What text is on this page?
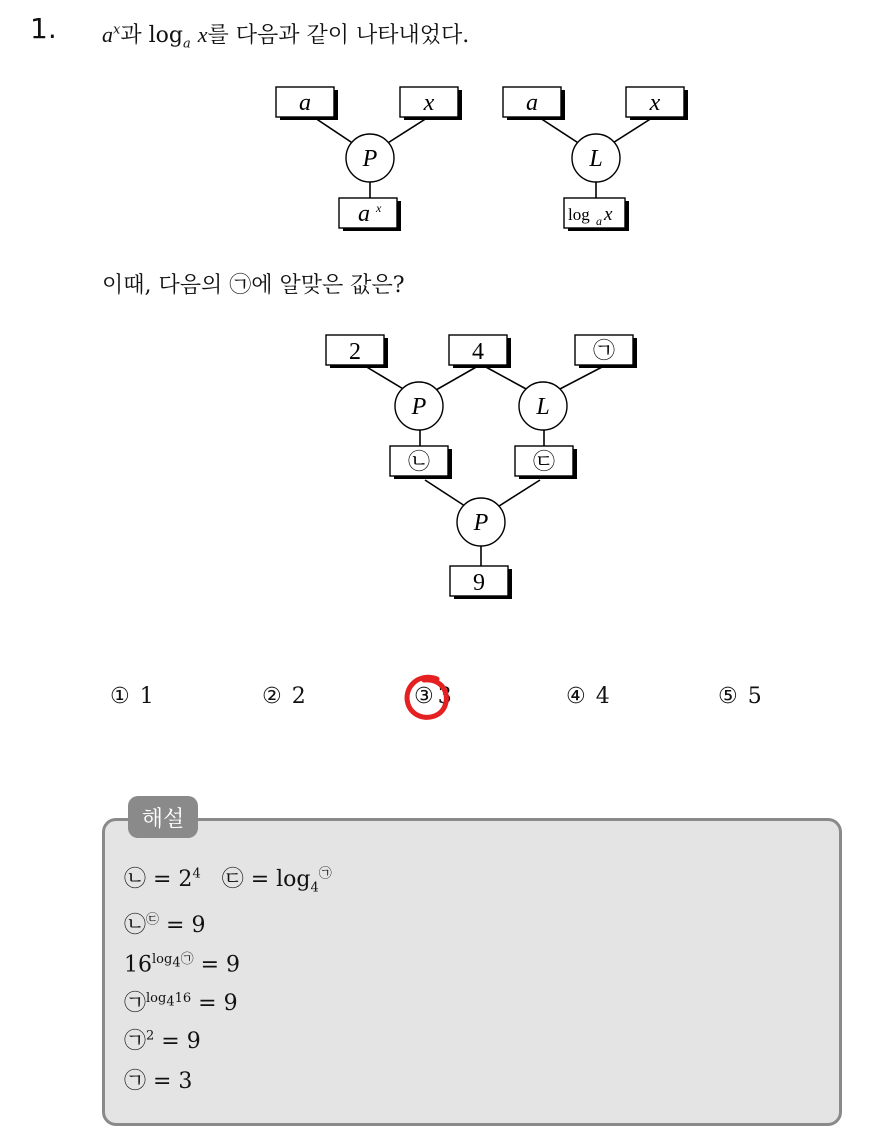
1. $a^x$과 $\log_a x$를 다음과 같이 나타내었다.
a	x
P
a
a	x
L
P	L
P
x	log a x
2	4
9
㉠
㉡	㉢
이때, 다음의 ㉠에 알맞은 값은?
① 1	② 2	③ 3	④ 4	⑤ 5
해설
㉡ = $2^4$ ㉢ = $\log_4^㉠$
㉡㉢ = 9
$16^{log_4㉠} = 9$
㉠$^{log_416}$ = 9
㉠$^2$ = 9
㉠ = 3
